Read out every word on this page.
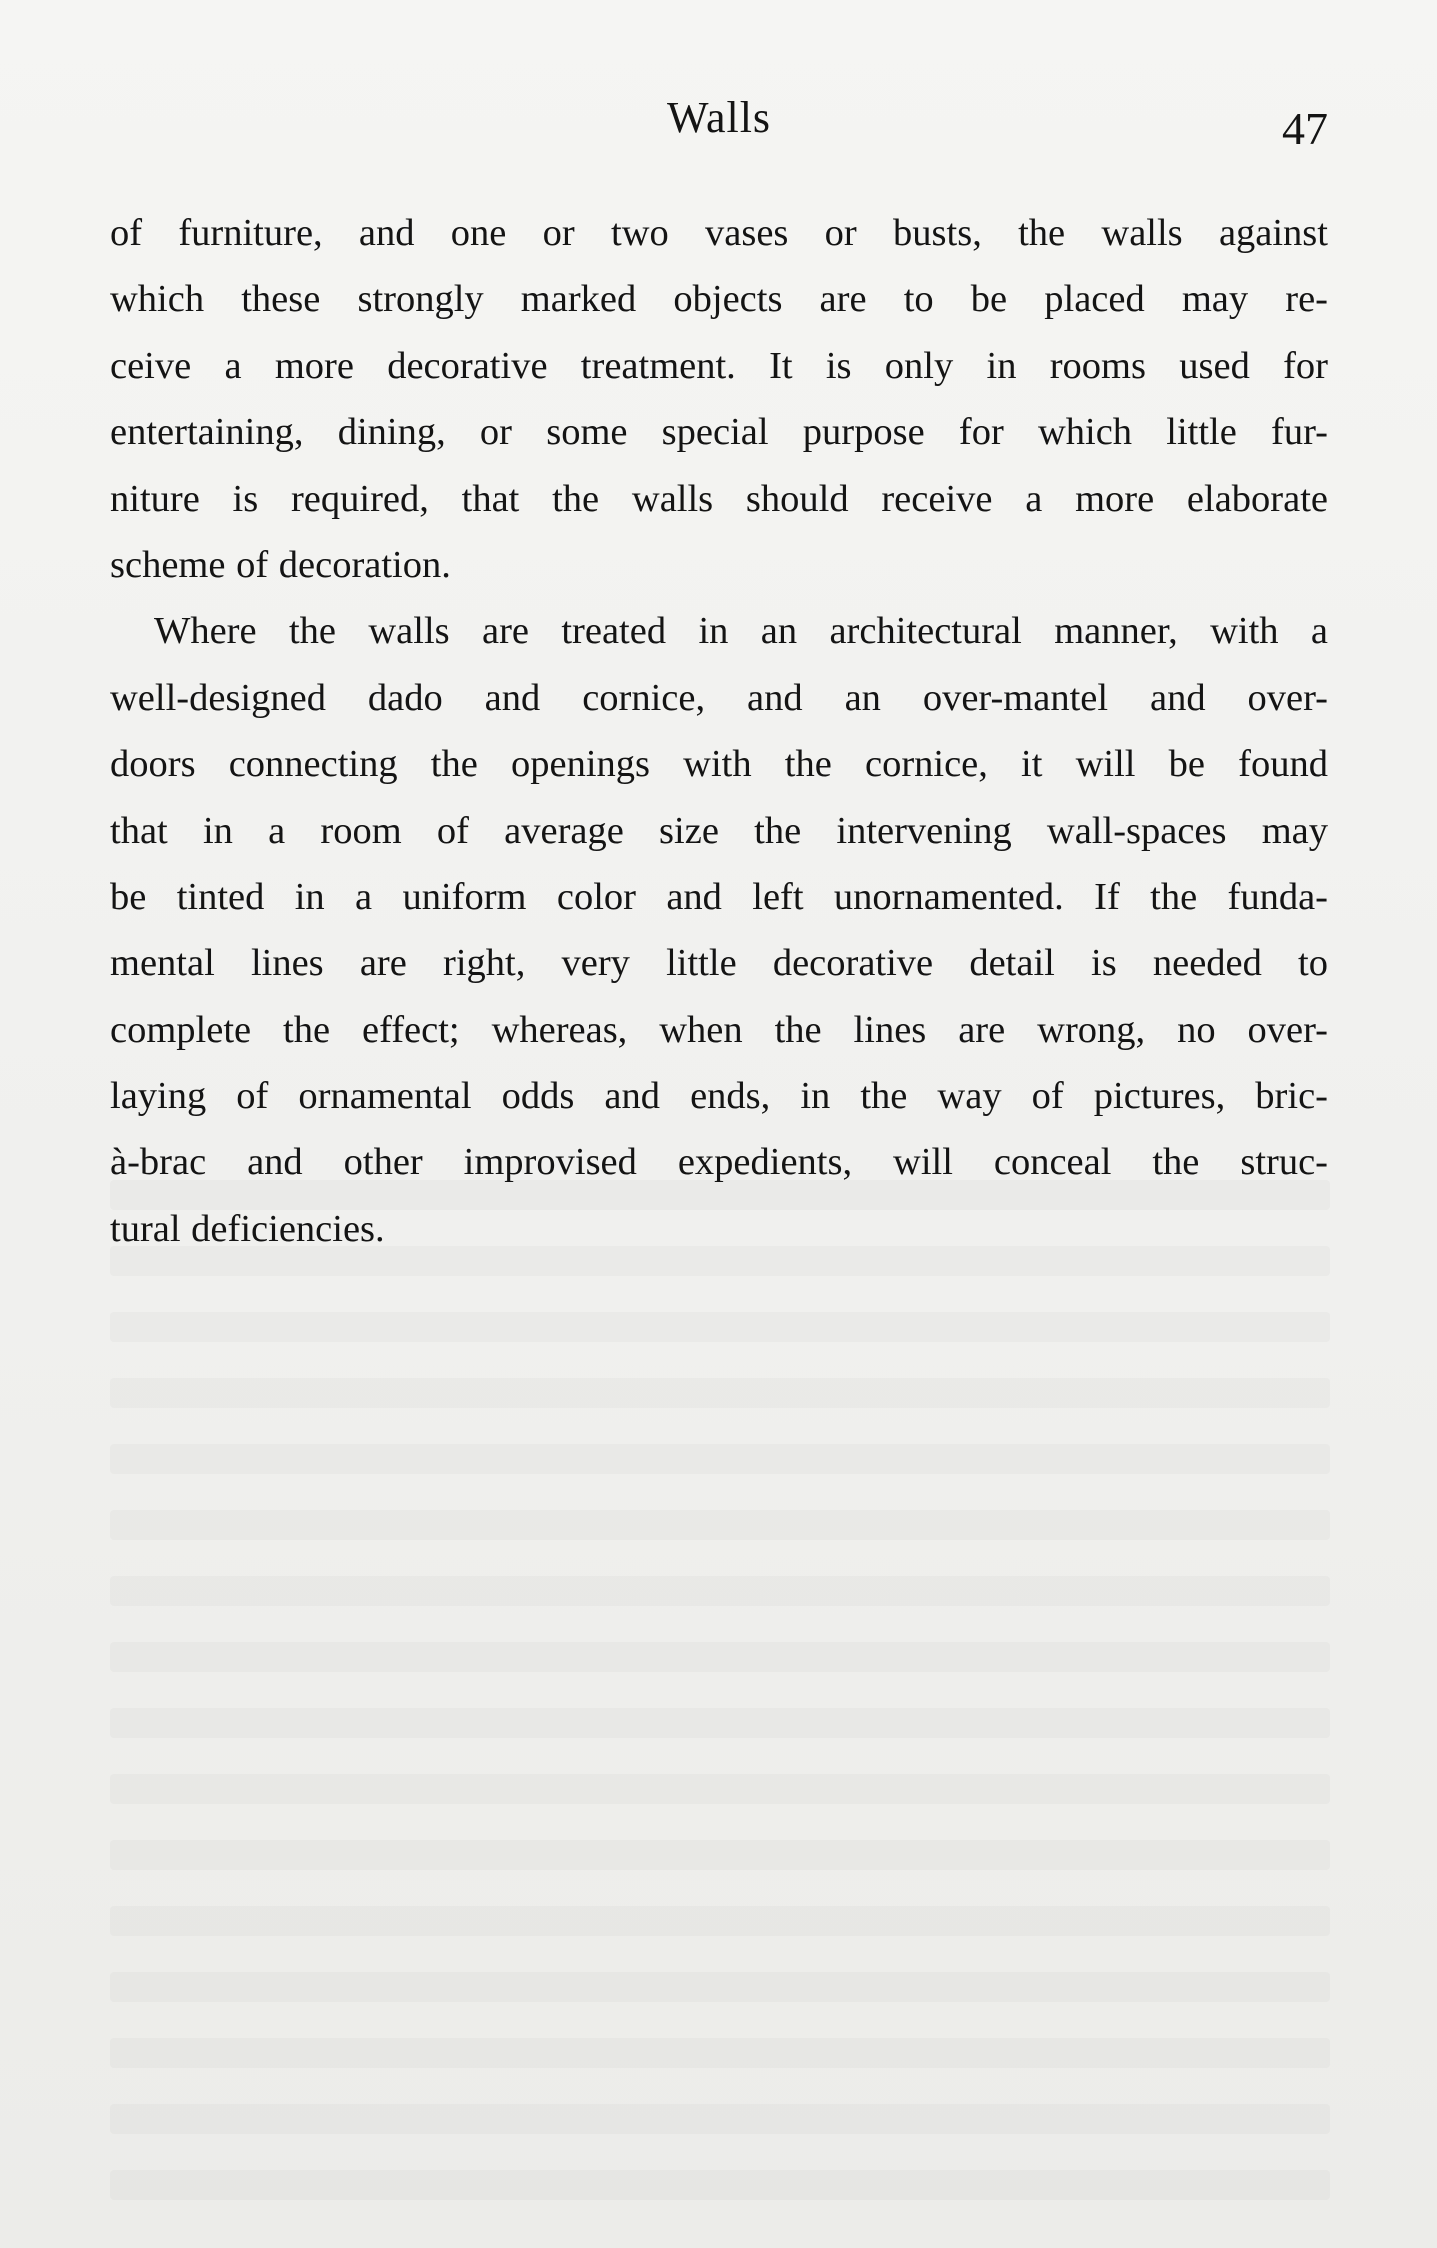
Walls	47
of furniture, and one or two vases or busts, the walls against
which these strongly marked objects are to be placed may re-
ceive a more decorative treatment. It is only in rooms used for
entertaining, dining, or some special purpose for which little fur-
niture is required, that the walls should receive a more elaborate
scheme of decoration.
Where the walls are treated in an architectural manner, with a
well-designed dado and cornice, and an over-mantel and over-
doors connecting the openings with the cornice, it will be found
that in a room of average size the intervening wall-spaces may
be tinted in a uniform color and left unornamented. If the funda-
mental lines are right, very little decorative detail is needed to
complete the effect; whereas, when the lines are wrong, no over-
laying of ornamental odds and ends, in the way of pictures, bric-
à-brac and other improvised expedients, will conceal the struc-
tural deficiencies.
